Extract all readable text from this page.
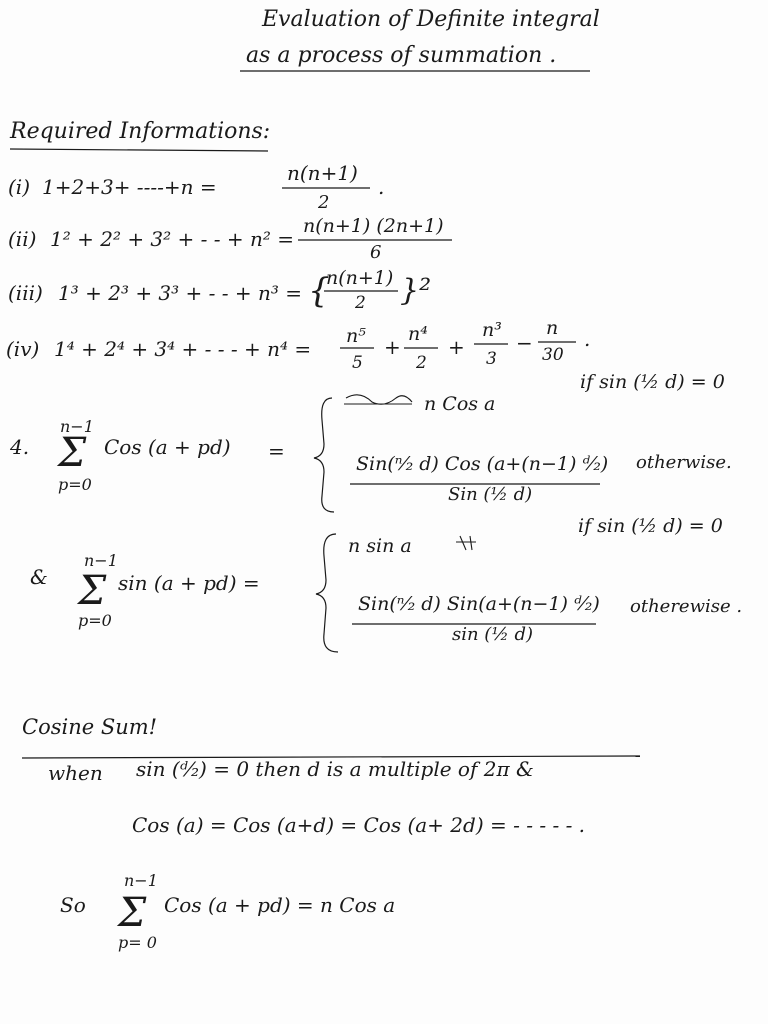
Evaluation of Definite integral
as a process of summation .
Required Informations:
(i) 1+2+3+ ----+n =
n(n+1)
2
.
(ii) 1² + 2² + 3² + - - + n² =
n(n+1) (2n+1)
6
(iii) 1³ + 2³ + 3³ + - - + n³ = {
n(n+1)
2 }²
(iv) 1⁴ + 2⁴ + 3⁴ + - - - + n⁴ =
n⁵
5
+
n⁴
2
+
n³
3
−
n
30
.
4.
n−1
Σ
p=0
Cos (a + pd) =
n Cos a
if sin (½ d) = 0
Sin(ⁿ⁄₂ d) Cos (a+(n−1) ᵈ⁄₂)
Sin (½ d)
otherwise.
&
n−1
Σ
p=0
sin (a + pd) =
n sin a
if sin (½ d) = 0
Sin(ⁿ⁄₂ d) Sin(a+(n−1) ᵈ⁄₂)
sin (½ d)
otherewise .
Cosine Sum!
when sin (ᵈ⁄₂) = 0 then d is a multiple of 2π &
Cos (a) = Cos (a+d) = Cos (a+ 2d) = - - - - - .
So
n−1
Σ
p= 0
Cos (a + pd) = n Cos a
